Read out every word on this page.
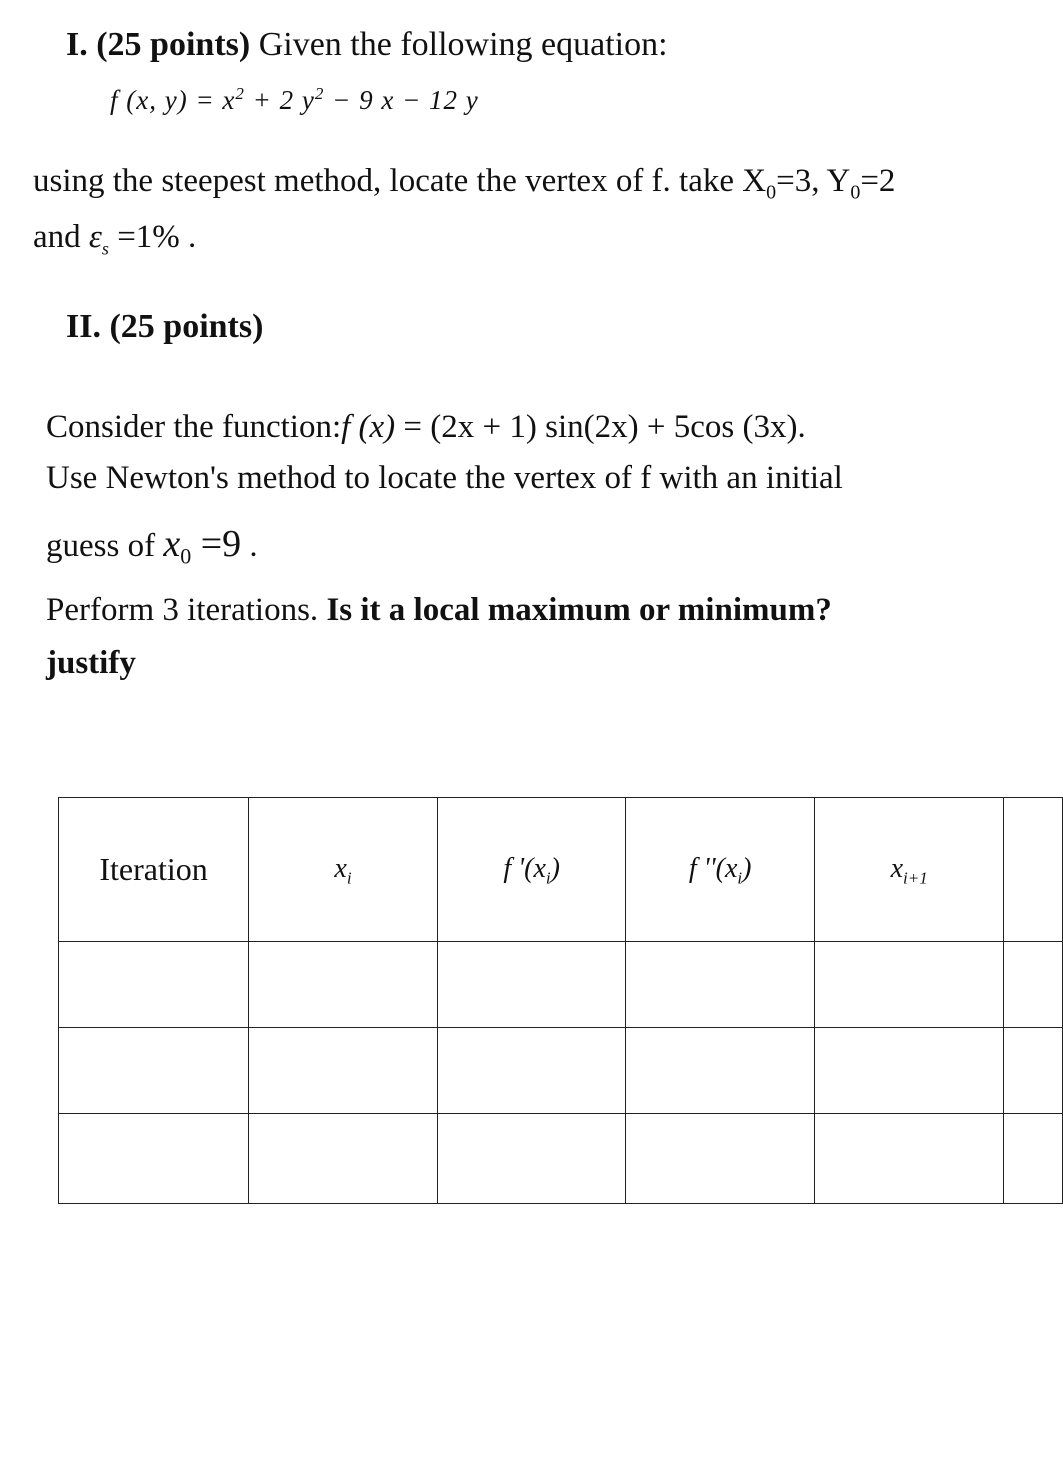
I. (25 points) Given the following equation:
f (x, $y) = x^2 + 2$ $y^2 - 9$ x − 12 y
using the steepest method, locate the vertex of f. take $X_0=3$, $Y_0=2$
and $\varepsilon_s =1\%$ .
II. (25 points)
Consider the function:f (x) = (2x + 1) sin(2x) + 5cos (3x).
Use Newton's method to locate the vertex of f with an initial
guess of $x_0 =9$ .
Perform 3 iterations. Is it a local maximum or minimum?
justify
Iteration	$x_i$	f '$(x_i)$	f ''$(x_i)$	$x_{i+1}$	
